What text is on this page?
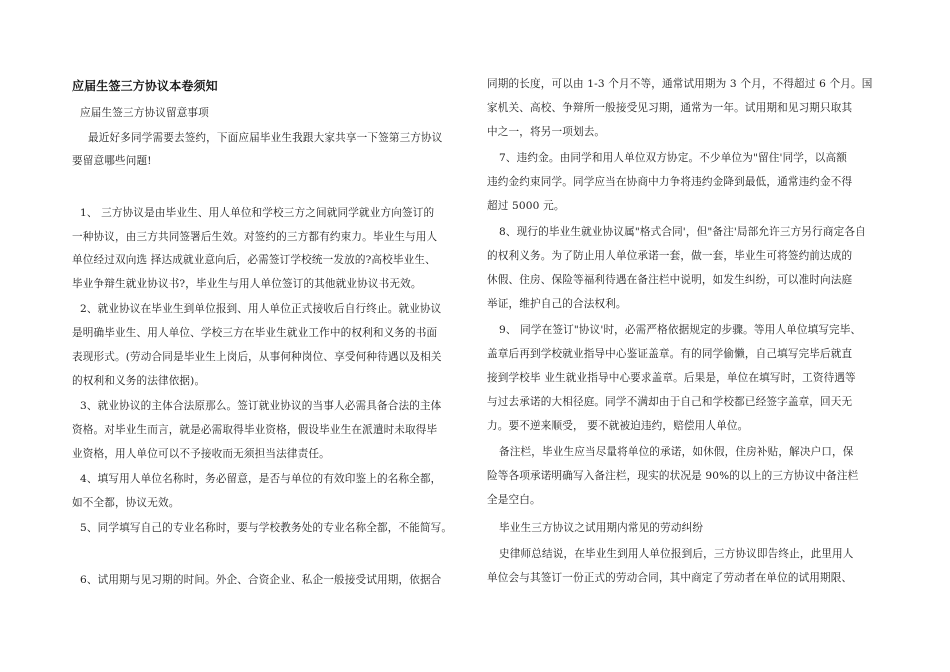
应届生签三方协议本卷须知
应届生签三方协议留意事项
最近好多同学需要去签约，下面应届毕业生我跟大家共享一下签第三方协议
要留意哪些问题!
1、 三方协议是由毕业生、用人单位和学校三方之间就同学就业方向签订的
一种协议，由三方共同签署后生效。对签约的三方都有约束力。毕业生与用人
单位经过双向选 择达成就业意向后，必需签订学校统一发放的?高校毕业生、
毕业争辩生就业协议书?，毕业生与用人单位签订的其他就业协议书无效。
2、就业协议在毕业生到单位报到、用人单位正式接收后自行终止。就业协议
是明确毕业生、用人单位、学校三方在毕业生就业工作中的权利和义务的书面
表现形式。(劳动合同是毕业生上岗后，从事何种岗位、享受何种待遇以及相关
的权利和义务的法律依据)。
3、就业协议的主体合法原那么。签订就业协议的当事人必需具备合法的主体
资格。对毕业生而言，就是必需取得毕业资格，假设毕业生在派遣时未取得毕
业资格，用人单位可以不予接收而无须担当法律责任。
4、填写用人单位名称时，务必留意，是否与单位的有效印鉴上的名称全都，
如不全都，协议无效。
5、同学填写自己的专业名称时，要与学校教务处的专业名称全都，不能简写。
6、试用期与见习期的时间。外企、合资企业、私企一般接受试用期，依据合
同期的长度，可以由 1-3 个月不等，通常试用期为 3 个月，不得超过 6 个月。国
家机关、高校、争辩所一般接受见习期，通常为一年。试用期和见习期只取其
中之一，将另一项划去。
7、违约金。由同学和用人单位双方协定。不少单位为"留住'同学，以高额
违约金约束同学。同学应当在协商中力争将违约金降到最低，通常违约金不得
超过 5000 元。
8、现行的毕业生就业协议属"格式合同'，但"备注'局部允许三方另行商定各自
的权利义务。为了防止用人单位承诺一套，做一套，毕业生可将签约前达成的
休假、住房、保险等福利待遇在备注栏中说明，如发生纠纷，可以准时向法庭
举证，维护自己的合法权利。
9、 同学在签订"协议'时，必需严格依据规定的步骤。等用人单位填写完毕、
盖章后再到学校就业指导中心鉴证盖章。有的同学偷懒，自己填写完毕后就直
接到学校毕 业生就业指导中心要求盖章。后果是，单位在填写时，工资待遇等
与过去承诺的大相径庭。同学不满却由于自己和学校都已经签字盖章，回天无
力。要不逆来顺受， 要不就被迫违约，赔偿用人单位。
备注栏，毕业生应当尽量将单位的承诺，如休假，住房补贴，解决户口，保
险等各项承诺明确写入备注栏，现实的状况是 90%的以上的三方协议中备注栏
全是空白。
毕业生三方协议之试用期内常见的劳动纠纷
史律师总结说，在毕业生到用人单位报到后，三方协议即告终止，此里用人
单位会与其签订一份正式的劳动合同，其中商定了劳动者在单位的试用期限、
